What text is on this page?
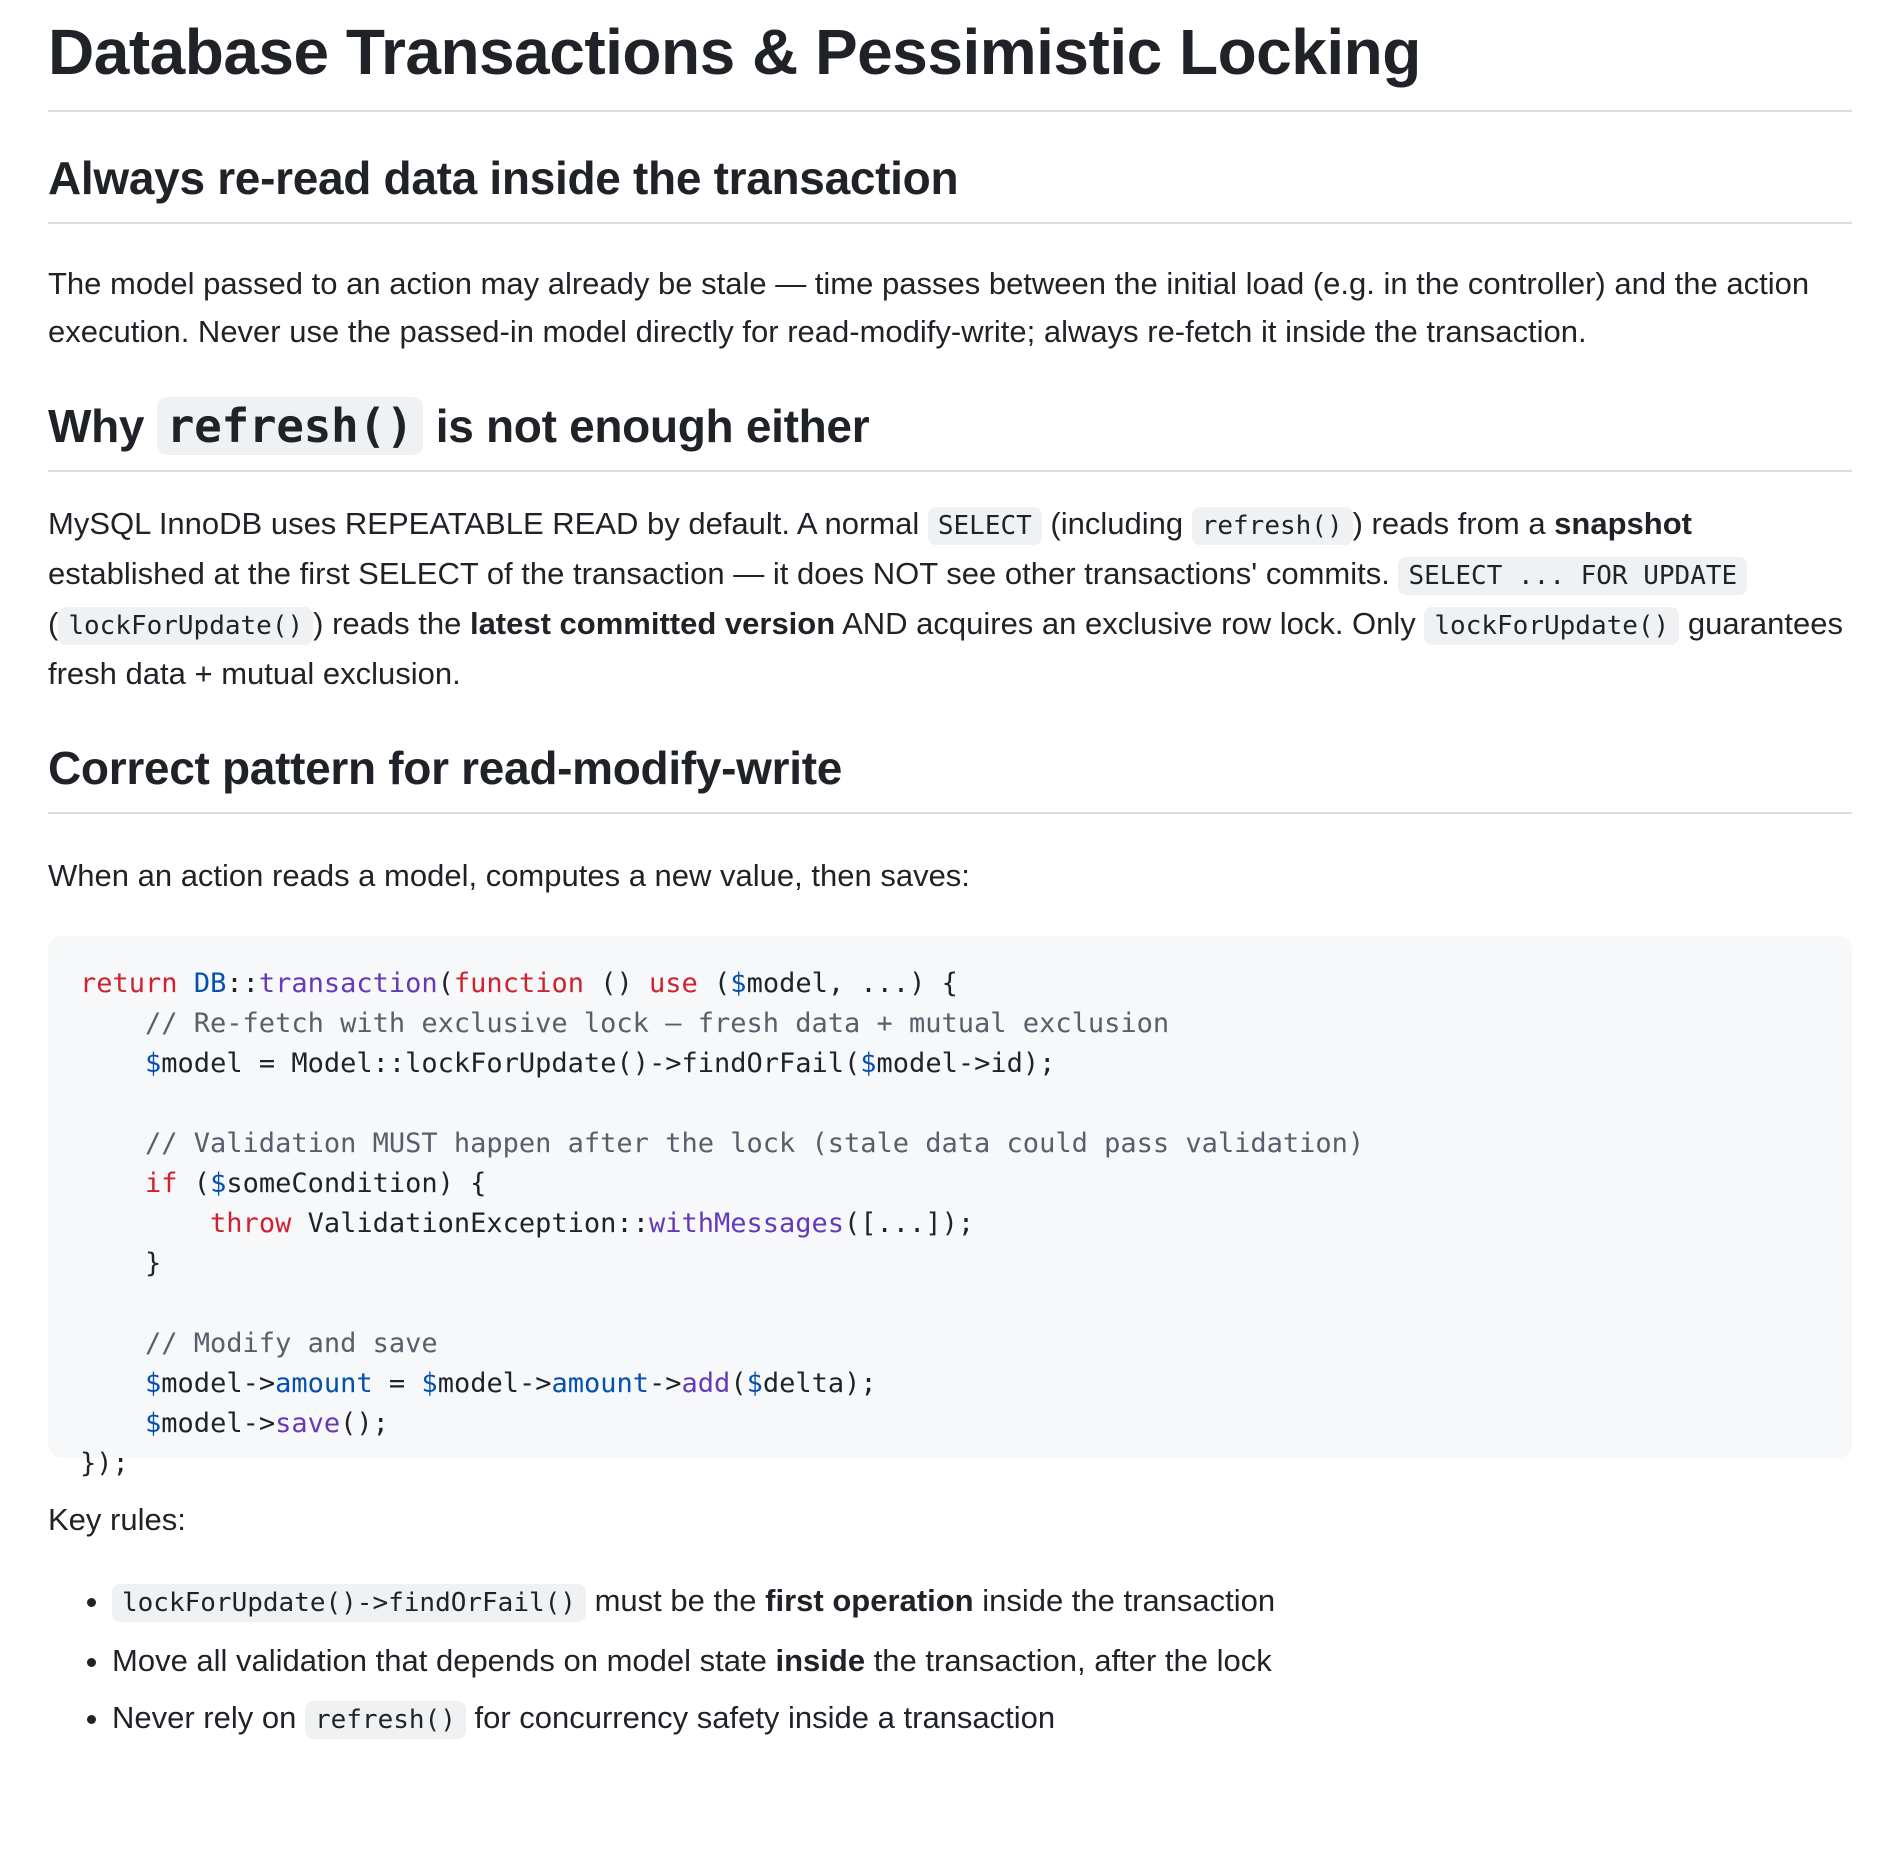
Database Transactions & Pessimistic Locking
Always re-read data inside the transaction

The model passed to an action may already be stale — time passes between the initial load (e.g. in the controller) and the action execution. Never use the passed-in model directly for read-modify-write; always re-fetch it inside the transaction.

Why refresh() is not enough either

MySQL InnoDB uses REPEATABLE READ by default. A normal SELECT (including refresh() ) reads from a snapshot established at the first SELECT of the transaction — it does NOT see other transactions' commits. SELECT ... FOR UPDATE
( lockForUpdate() ) reads the latest committed version AND acquires an exclusive row lock. Only lockForUpdate() guarantees fresh data + mutual exclusion.

Correct pattern for read-modify-write

When an action reads a model, computes a new value, then saves:

return DB::transaction(function () use ($model, ...) {
// Re-fetch with exclusive lock — fresh data + mutual exclusion
$model = Model::lockForUpdate()->findOrFail($model->id);
// Validation MUST happen after the lock (stale data could pass validation)
if ($someCondition) {
throw ValidationException::withMessages([...]);
}
// Modify and save
$model->amount = $model->amount->add($delta);
$model->save();
});

Key rules:

• lockForUpdate()->findOrFail() must be the first operation inside the transaction
• Move all validation that depends on model state inside the transaction, after the lock
• Never rely on refresh() for concurrency safety inside a transaction
